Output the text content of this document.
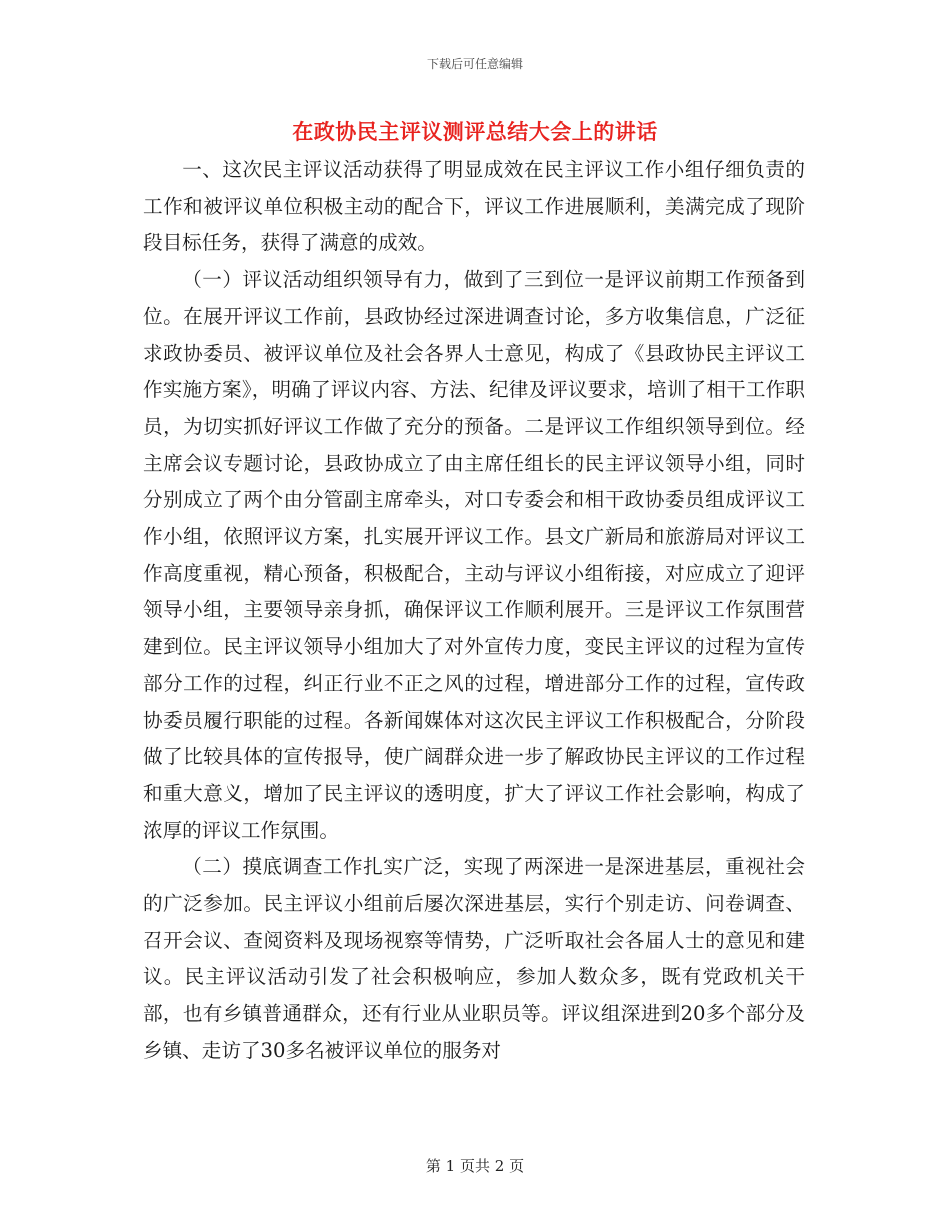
下载后可任意编辑
在政协民主评议测评总结大会上的讲话

一、这次民主评议活动获得了明显成效在民主评议工作小组仔细负责的工作和被评议单位积极主动的配合下，评议工作进展顺利，美满完成了现阶段目标任务，获得了满意的成效。

（一）评议活动组织领导有力，做到了三到位一是评议前期工作预备到位。在展开评议工作前，县政协经过深进调查讨论，多方收集信息，广泛征求政协委员、被评议单位及社会各界人士意见，构成了《县政协民主评议工作实施方案》，明确了评议内容、方法、纪律及评议要求，培训了相干工作职员，为切实抓好评议工作做了充分的预备。二是评议工作组织领导到位。经主席会议专题讨论，县政协成立了由主席任组长的民主评议领导小组，同时分别成立了两个由分管副主席牵头，对口专委会和相干政协委员组成评议工作小组，依照评议方案，扎实展开评议工作。县文广新局和旅游局对评议工作高度重视，精心预备，积极配合，主动与评议小组衔接，对应成立了迎评领导小组，主要领导亲身抓，确保评议工作顺利展开。三是评议工作氛围营建到位。民主评议领导小组加大了对外宣传力度，变民主评议的过程为宣传部分工作的过程，纠正行业不正之风的过程，增进部分工作的过程，宣传政协委员履行职能的过程。各新闻媒体对这次民主评议工作积极配合，分阶段做了比较具体的宣传报导，使广阔群众进一步了解政协民主评议的工作过程和重大意义，增加了民主评议的透明度，扩大了评议工作社会影响，构成了浓厚的评议工作氛围。

（二）摸底调查工作扎实广泛，实现了两深进一是深进基层，重视社会的广泛参加。民主评议小组前后屡次深进基层，实行个别走访、问卷调查、召开会议、查阅资料及现场视察等情势，广泛听取社会各届人士的意见和建议。民主评议活动引发了社会积极响应，参加人数众多，既有党政机关干部，也有乡镇普通群众，还有行业从业职员等。评议组深进到20多个部分及乡镇、走访了30多名被评议单位的服务对

第 1 页共 2 页
